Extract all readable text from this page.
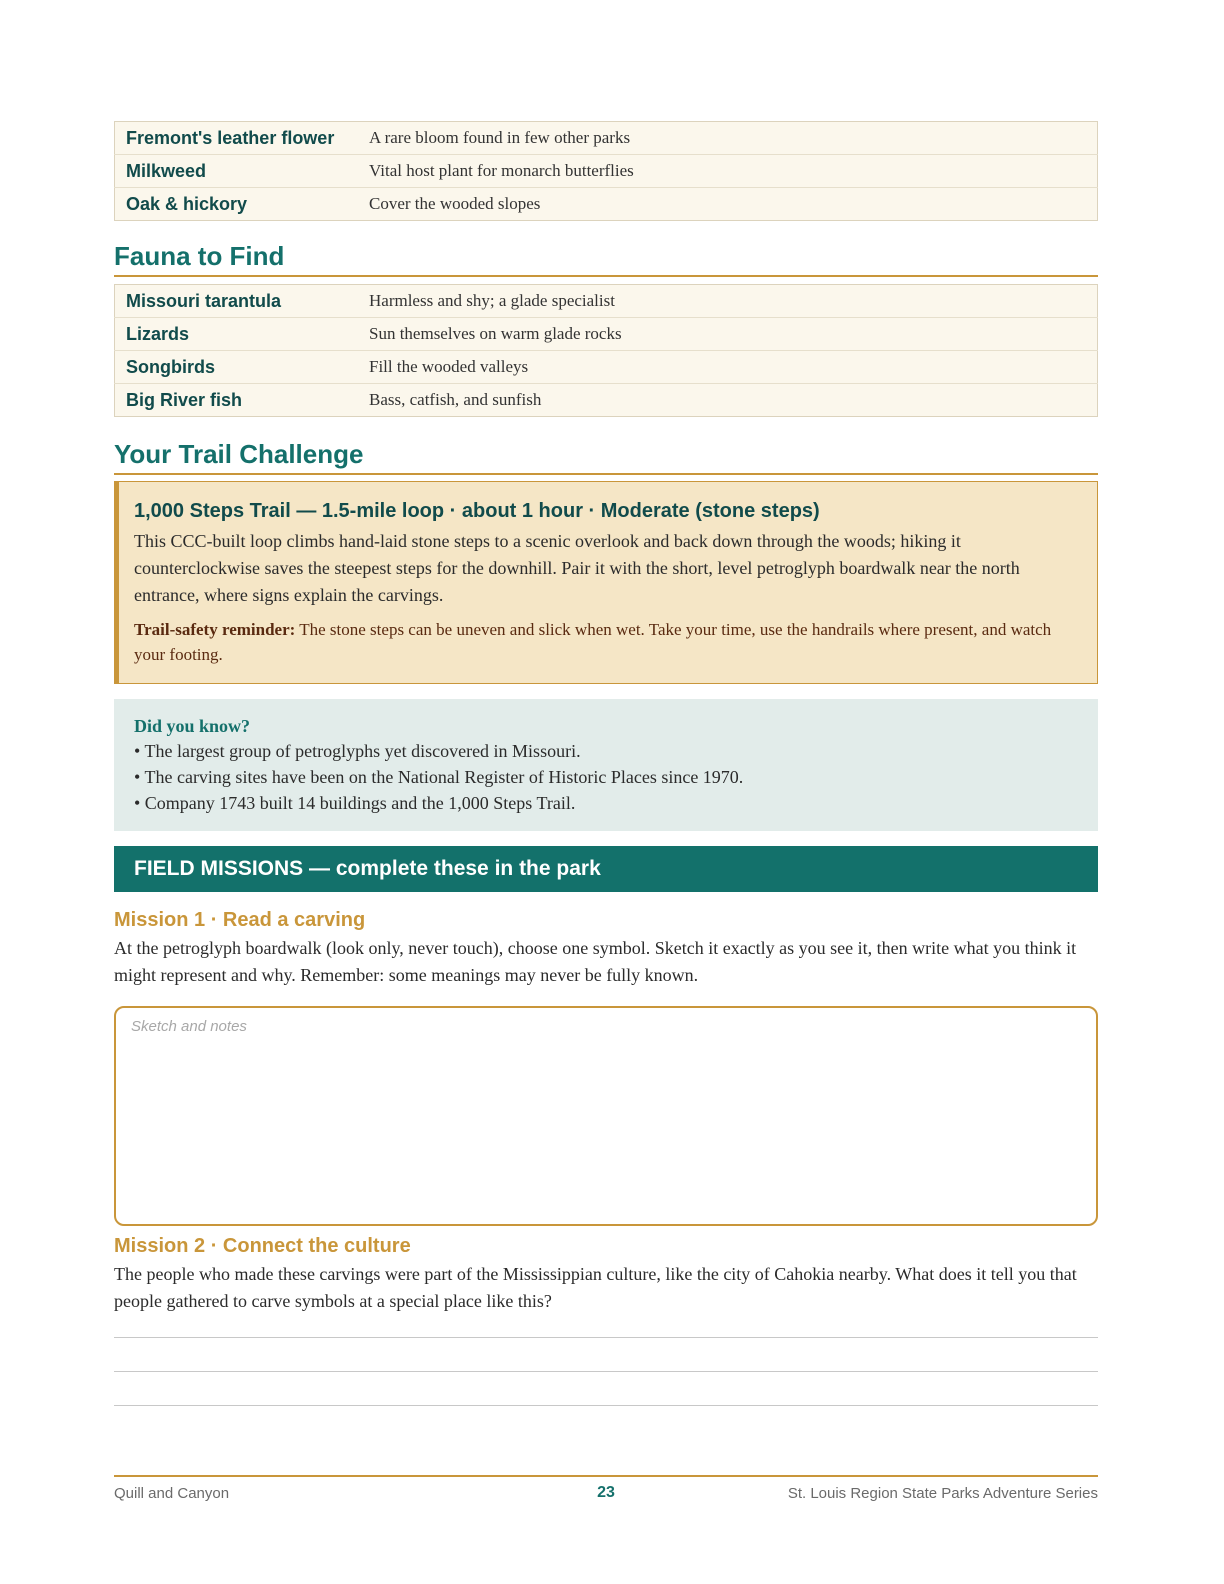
Fremont's leather flower	A rare bloom found in few other parks
Milkweed	Vital host plant for monarch butterflies
Oak & hickory	Cover the wooded slopes
Fauna to Find
Missouri tarantula	Harmless and shy; a glade specialist
Lizards	Sun themselves on warm glade rocks
Songbirds	Fill the wooded valleys
Big River fish	Bass, catfish, and sunfish
Your Trail Challenge
1,000 Steps Trail — 1.5-mile loop · about 1 hour · Moderate (stone steps)
This CCC-built loop climbs hand-laid stone steps to a scenic overlook and back down through the woods; hiking it counterclockwise saves the steepest steps for the downhill. Pair it with the short, level petroglyph boardwalk near the north entrance, where signs explain the carvings.
Trail-safety reminder: The stone steps can be uneven and slick when wet. Take your time, use the handrails where present, and watch your footing.
Did you know?
• The largest group of petroglyphs yet discovered in Missouri.
• The carving sites have been on the National Register of Historic Places since 1970.
• Company 1743 built 14 buildings and the 1,000 Steps Trail.
FIELD MISSIONS — complete these in the park
Mission 1 · Read a carving
At the petroglyph boardwalk (look only, never touch), choose one symbol. Sketch it exactly as you see it, then write what you think it might represent and why. Remember: some meanings may never be fully known.
Sketch and notes
Mission 2 · Connect the culture
The people who made these carvings were part of the Mississippian culture, like the city of Cahokia nearby. What does it tell you that people gathered to carve symbols at a special place like this?
Quill and Canyon	23	St. Louis Region State Parks Adventure Series
